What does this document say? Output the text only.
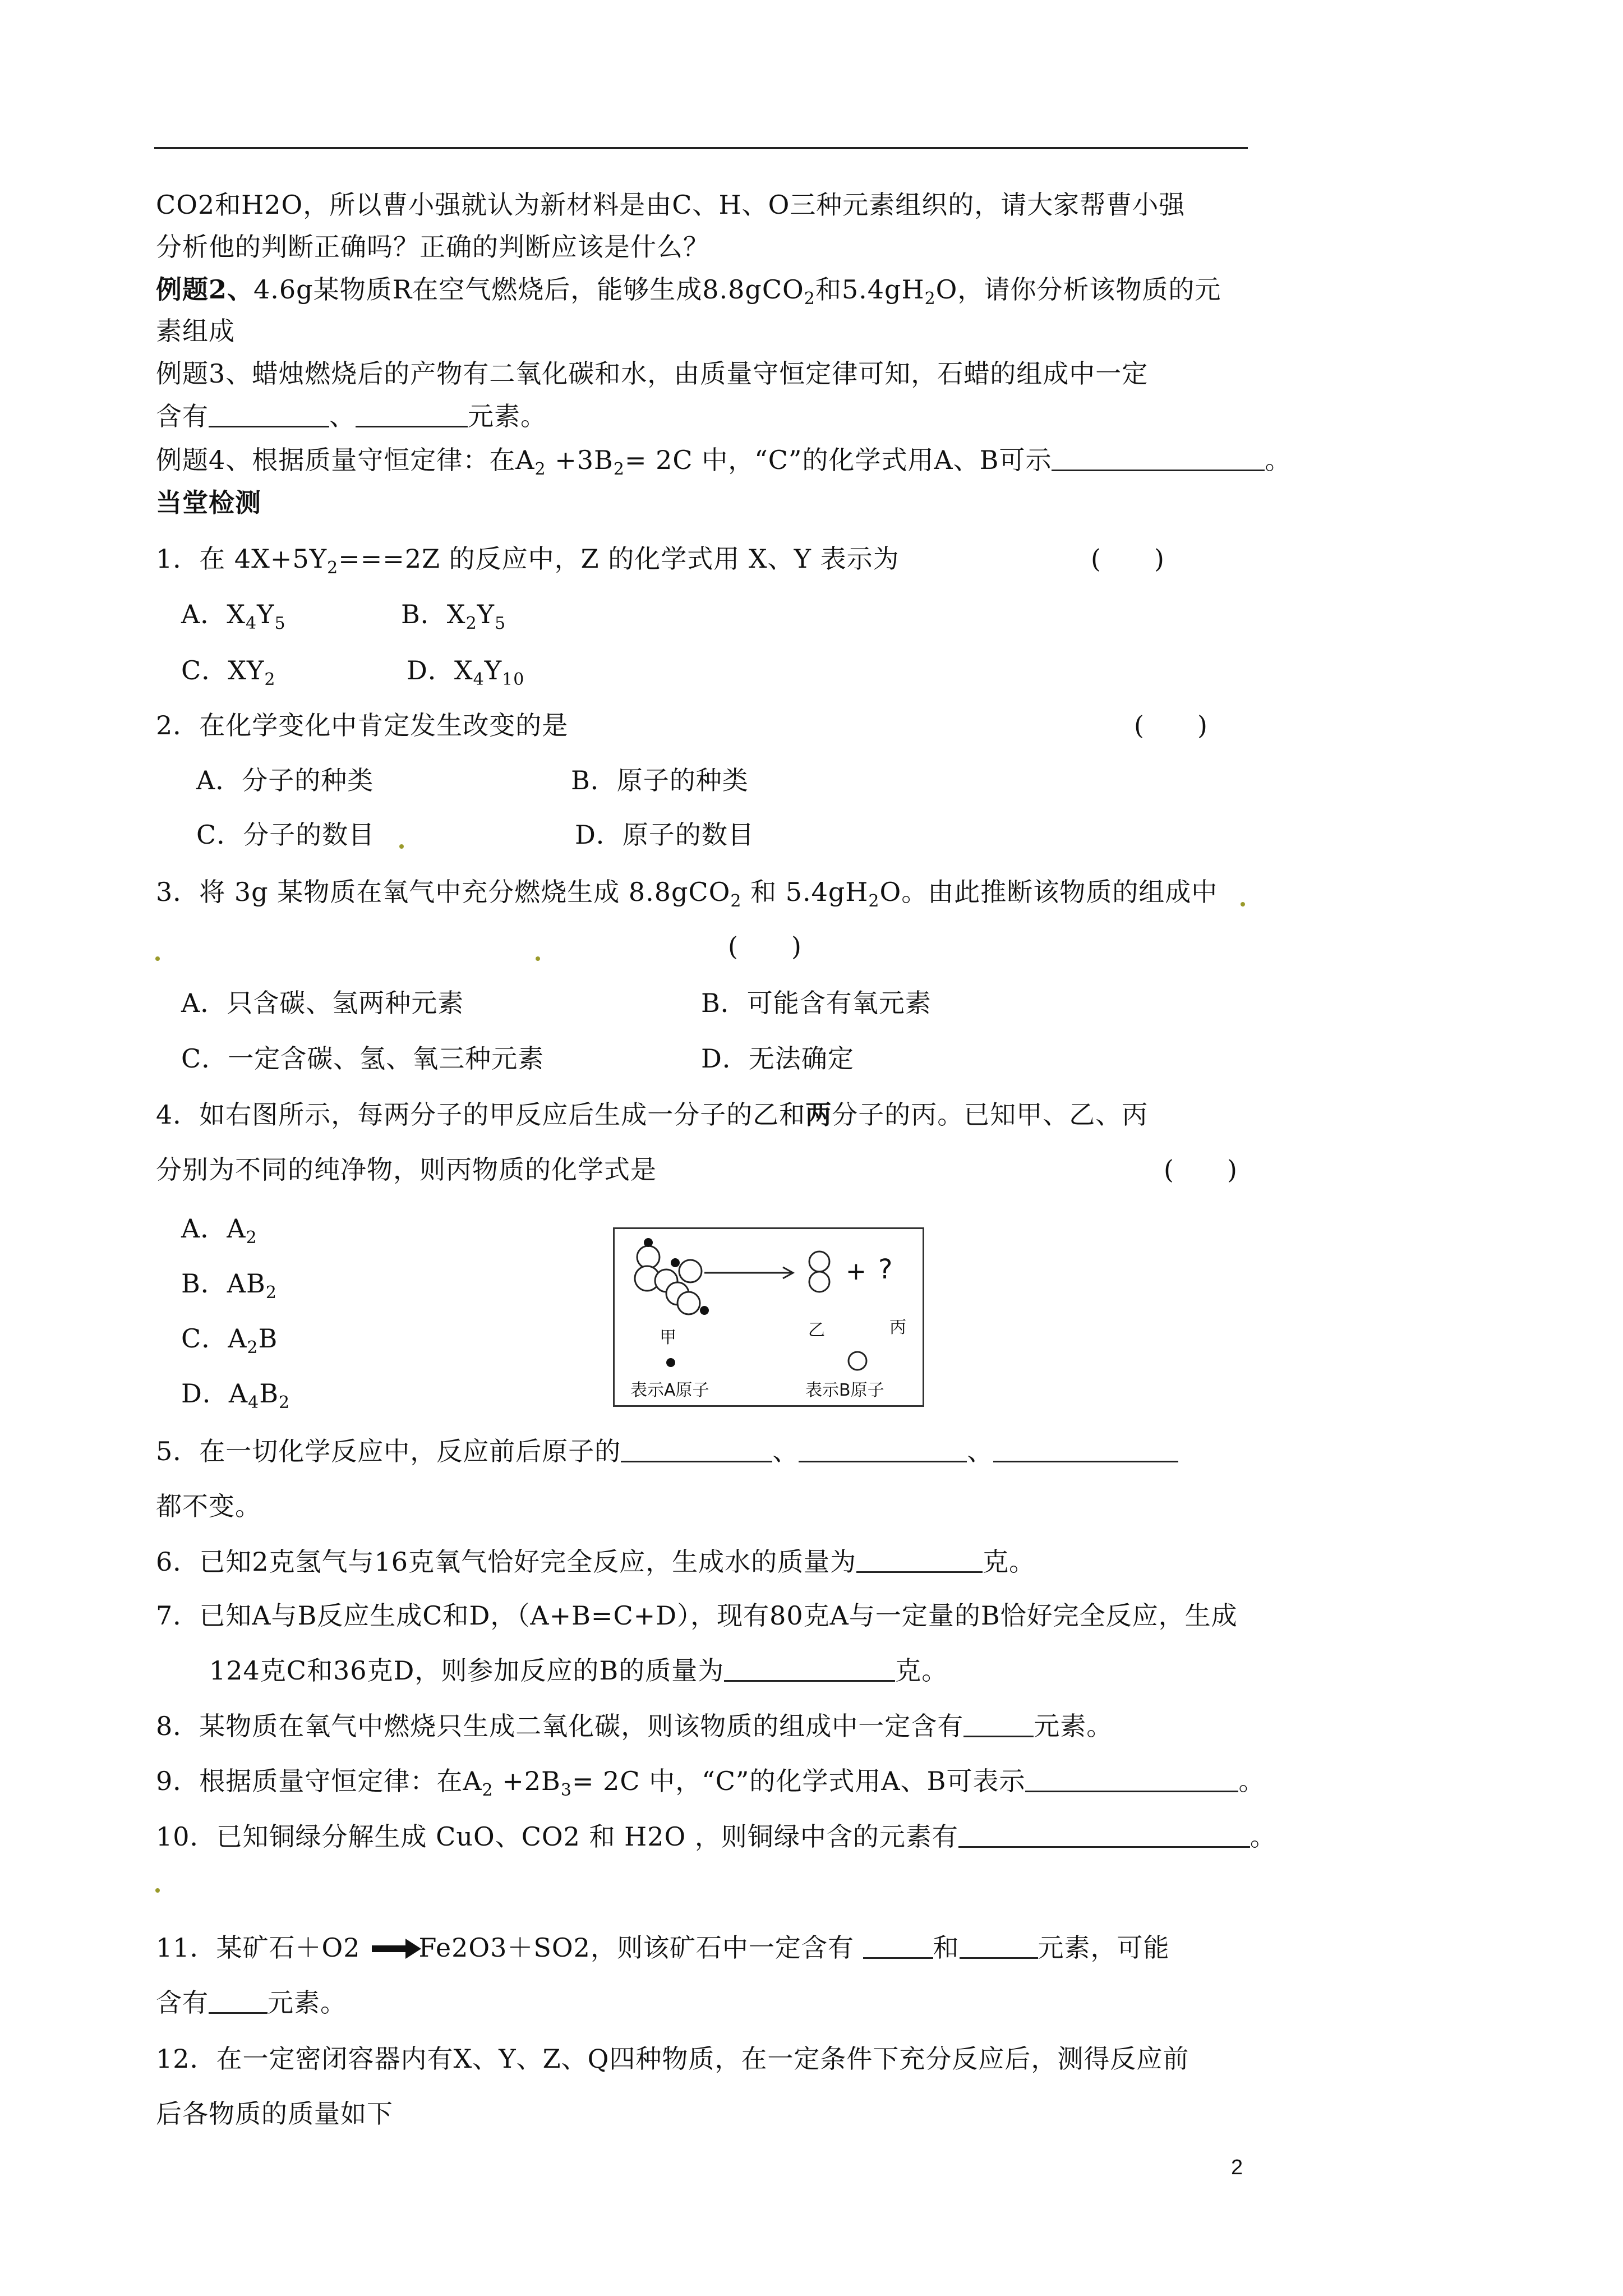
CO2和H2O，所以曹小强就认为新材料是由C、H、O三种元素组织的，请大家帮曹小强
分析他的判断正确吗？正确的判断应该是什么？
例题2、4.6g某物质R在空气燃烧后，能够生成8.8gCO$_2$和$5.4gH_2O$，请你分析该物质的元
素组成
例题3、蜡烛燃烧后的产物有二氧化碳和水，由质量守恒定律可知，石蜡的组成中一定
含有	、	元素。
例题4、根据质量守恒定律：在$A_2 +3B_2= 2C$ 中，“C”的化学式用A、B可示	。
当堂检测
1．在 $4X+5Y_2===2Z$ 的反应中，Z 的化学式用 X、Y 表示为	(　　)
A．$X_4Y_5$	B．$X_2Y_5$
C．$XY_2$	D．$X_4Y_{10}$
2．在化学变化中肯定发生改变的是	(　　)
A．分子的种类	B．原子的种类
C．分子的数目	D．原子的数目
3．将 3g 某物质在氧气中充分燃烧生成 8.8gCO$_2$ 和 $5.4gH_2O$。由此推断该物质的组成中
(　　)
A．只含碳、氢两种元素	B．可能含有氧元素
C．一定含碳、氢、氧三种元素	D．无法确定
4．如右图所示，每两分子的甲反应后生成一分子的乙和两分子的丙。已知甲、乙、丙
分别为不同的纯净物，则丙物质的化学式是	(　　)
A．$A_2$
B．$AB_2$
C．$A_2B$
D．$A_4B_2$
+ ?
甲	乙	丙
表示A原子	表示B原子
5．在一切化学反应中，反应前后原子的	、	、
都不变。
6．已知2克氢气与16克氧气恰好完全反应，生成水的质量为	克。
7．已知A与B反应生成C和D，（A+B=C+D），现有80克A与一定量的B恰好完全反应，生成
124克C和36克D，则参加反应的B的质量为	克。
8．某物质在氧气中燃烧只生成二氧化碳，则该物质的组成中一定含有	元素。
9．根据质量守恒定律：在$A_2 +2B_3= 2C$ 中，“C”的化学式用A、B可表示	。
10．已知铜绿分解生成 CuO、CO2 和 H2O ，则铜绿中含的元素有	。
11．某矿石＋O2 Fe2O3＋SO2，则该矿石中一定含有	和	元素，可能
含有 元素。
12．在一定密闭容器内有X、Y、Z、Q四种物质，在一定条件下充分反应后，测得反应前
后各物质的质量如下
2
